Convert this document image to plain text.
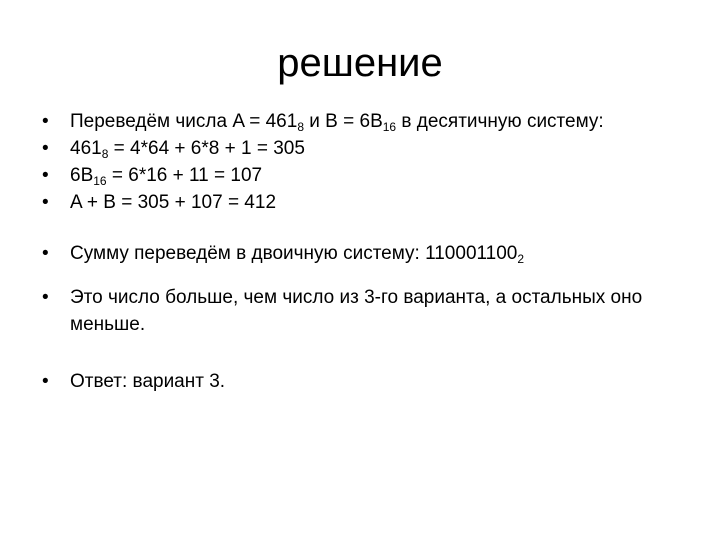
решение
•	Переведём числа $A = 461_8$ и $B = 6B_{16}$ в десятичную систему:
•	$461_8 = 4*64 + 6*8 + 1 = 305$
•	$6B_{16} = 6*16 + 11 = 107$
•	A + B = 305 + 107 = 412
•	Сумму переведём в двоичную систему: $110001100_2$
•	Это число больше, чем число из 3-го варианта, а остальных оно меньше.
•	Ответ: вариант 3.
